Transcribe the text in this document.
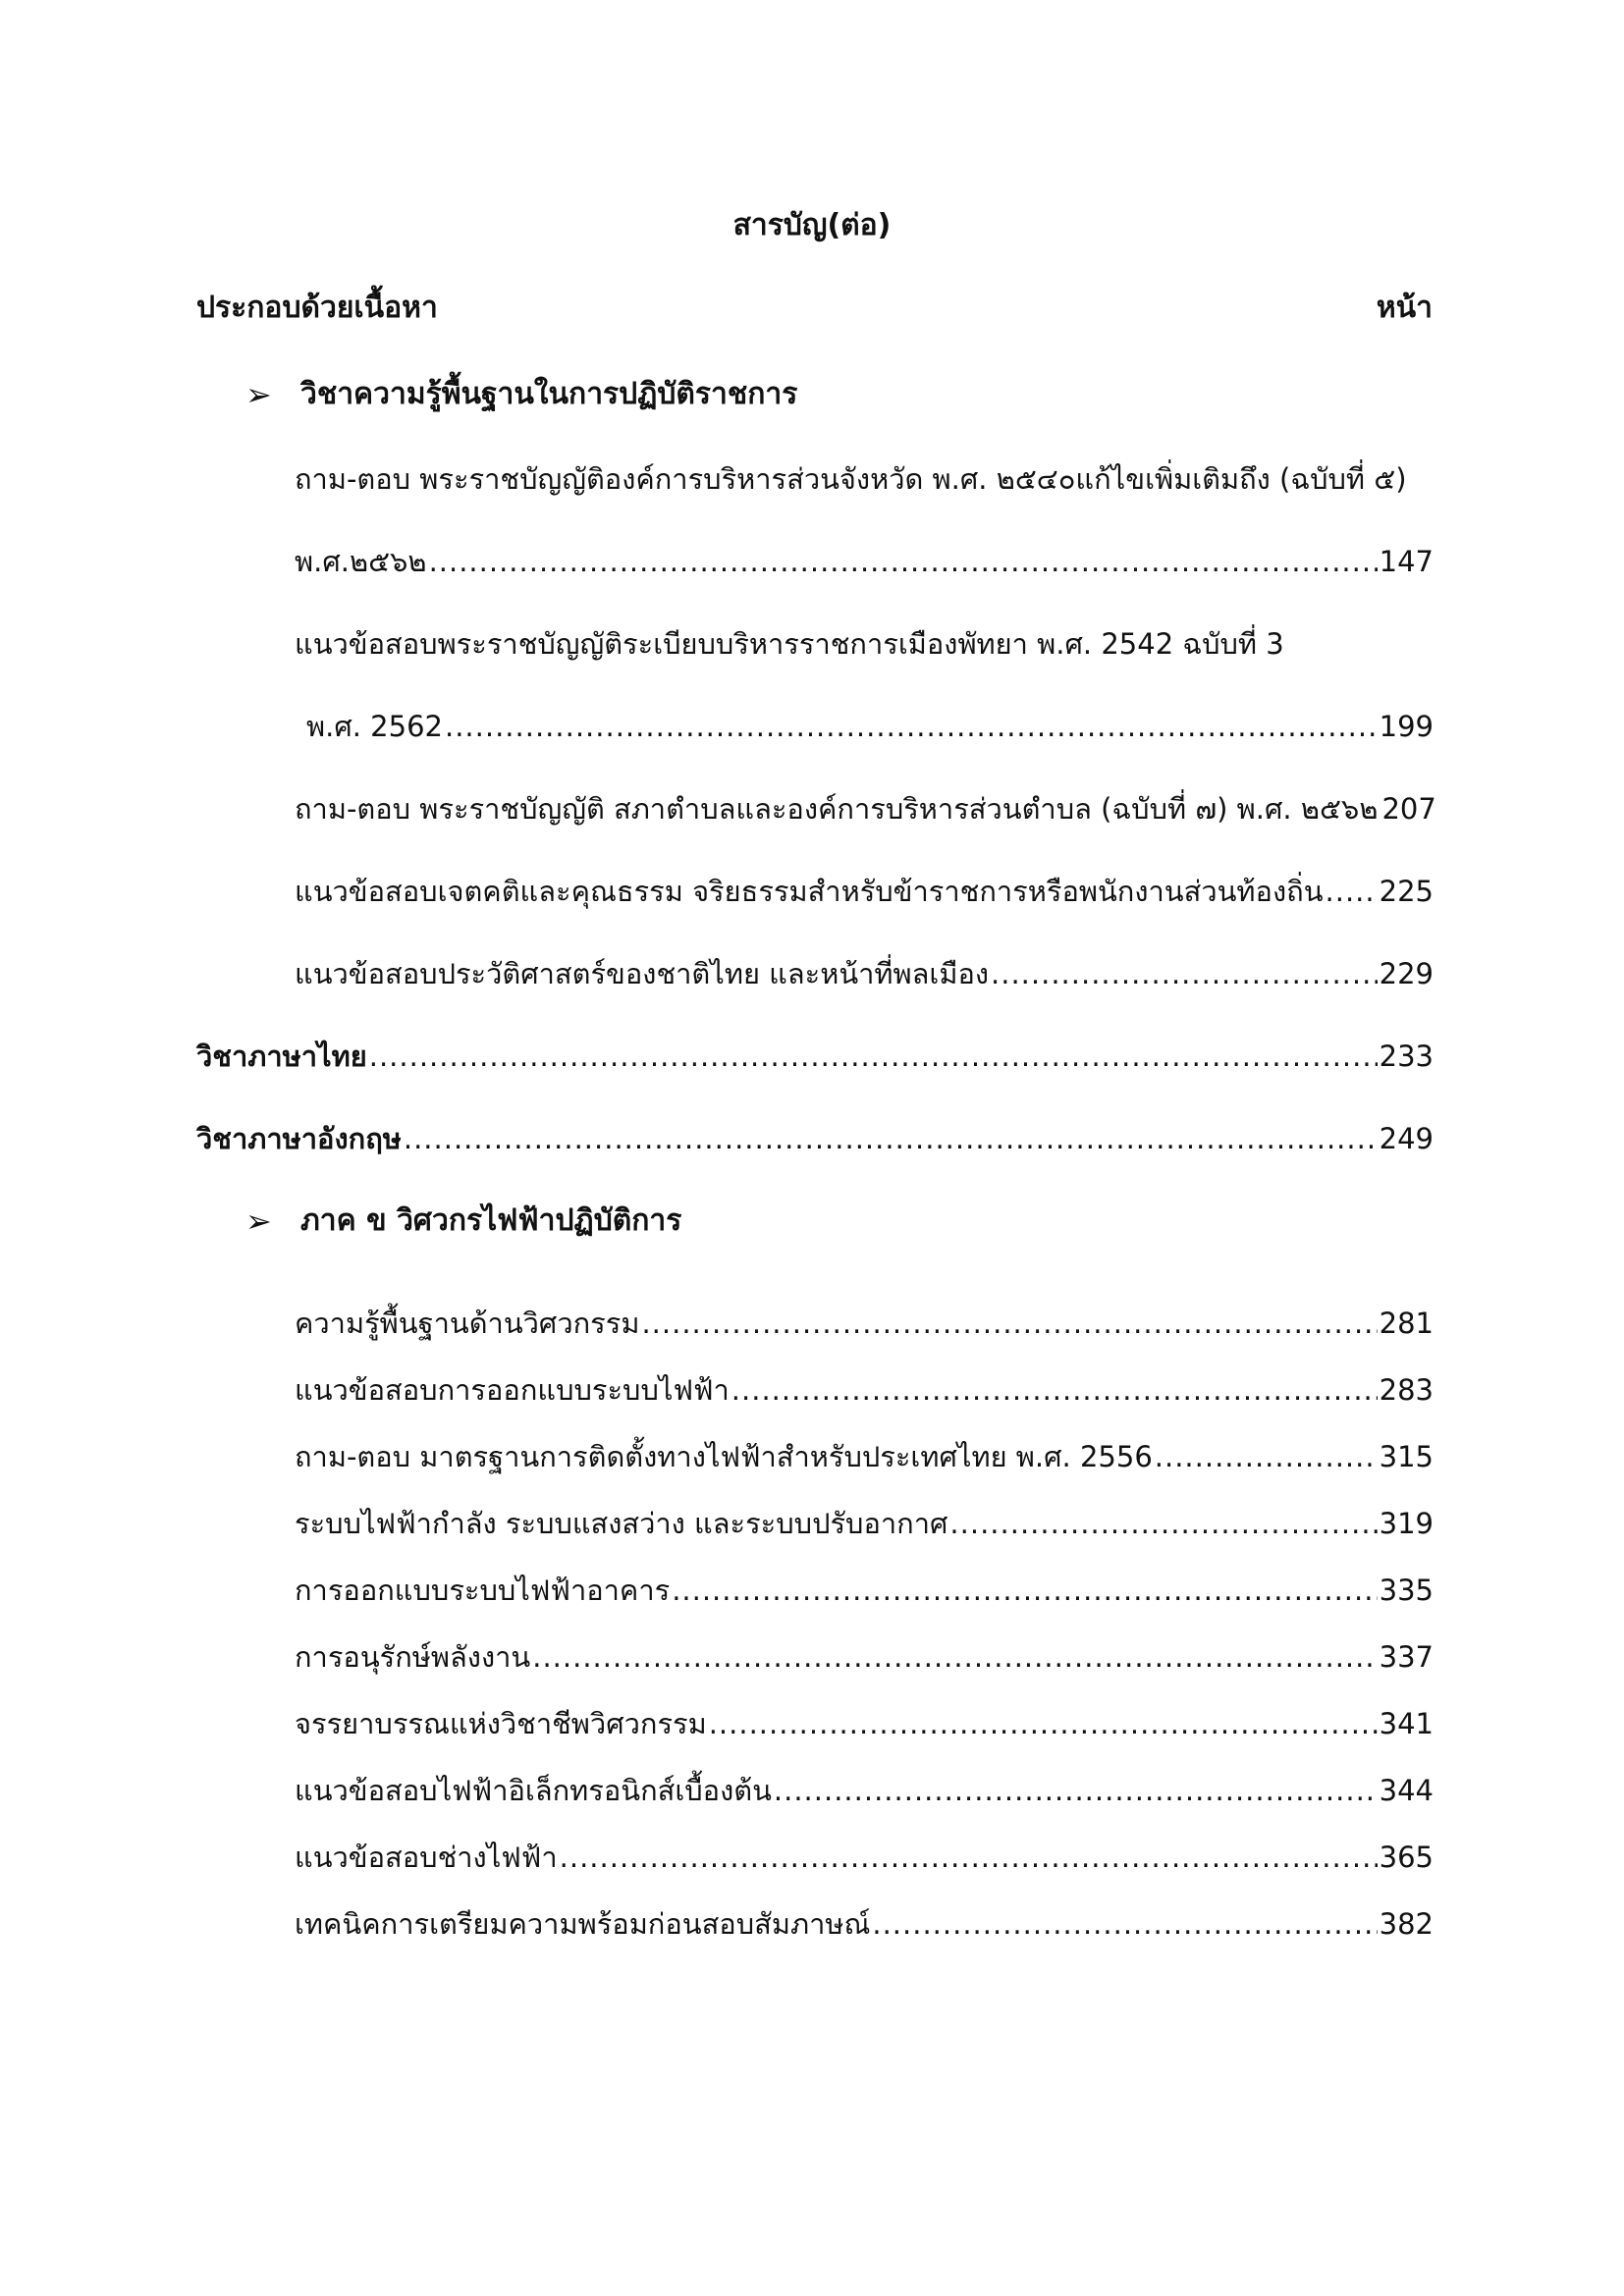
สารบัญ(ต่อ)
ประกอบด้วยเนื้อหา	หน้า
➢ วิชาความรู้พื้นฐานในการปฏิบัติราชการ
ถาม-ตอบ พระราชบัญญัติองค์การบริหารส่วนจังหวัด พ.ศ. ๒๕๔๐แก้ไขเพิ่มเติมถึง (ฉบับที่ ๕)
พ.ศ.๒๕๖๒ .....	147
แนวข้อสอบพระราชบัญญัติระเบียบบริหารราชการเมืองพัทยา พ.ศ. 2542 ฉบับที่ 3
พ.ศ. 2562 .....	199
ถาม-ตอบ พระราชบัญญัติ สภาตำบลและองค์การบริหารส่วนตำบล (ฉบับที่ ๗) พ.ศ. ๒๕๖๒ 207
แนวข้อสอบเจตคติและคุณธรรม จริยธรรมสำหรับข้าราชการหรือพนักงานส่วนท้องถิ่น ..... 225
แนวข้อสอบประวัติศาสตร์ของชาติไทย และหน้าที่พลเมือง .....	229
วิชาภาษาไทย .....	233
วิชาภาษาอังกฤษ .....	249
➢ ภาค ข วิศวกรไฟฟ้าปฏิบัติการ
ความรู้พื้นฐานด้านวิศวกรรม .....	281
แนวข้อสอบการออกแบบระบบไฟฟ้า .....	283
ถาม-ตอบ มาตรฐานการติดตั้งทางไฟฟ้าสำหรับประเทศไทย พ.ศ. 2556 .....	315
ระบบไฟฟ้ากำลัง ระบบแสงสว่าง และระบบปรับอากาศ .....	319
การออกแบบระบบไฟฟ้าอาคาร .....	335
การอนุรักษ์พลังงาน .....	337
จรรยาบรรณแห่งวิชาชีพวิศวกรรม .....	341
แนวข้อสอบไฟฟ้าอิเล็กทรอนิกส์เบื้องต้น .....	344
แนวข้อสอบช่างไฟฟ้า .....	365
เทคนิคการเตรียมความพร้อมก่อนสอบสัมภาษณ์ .....	382
